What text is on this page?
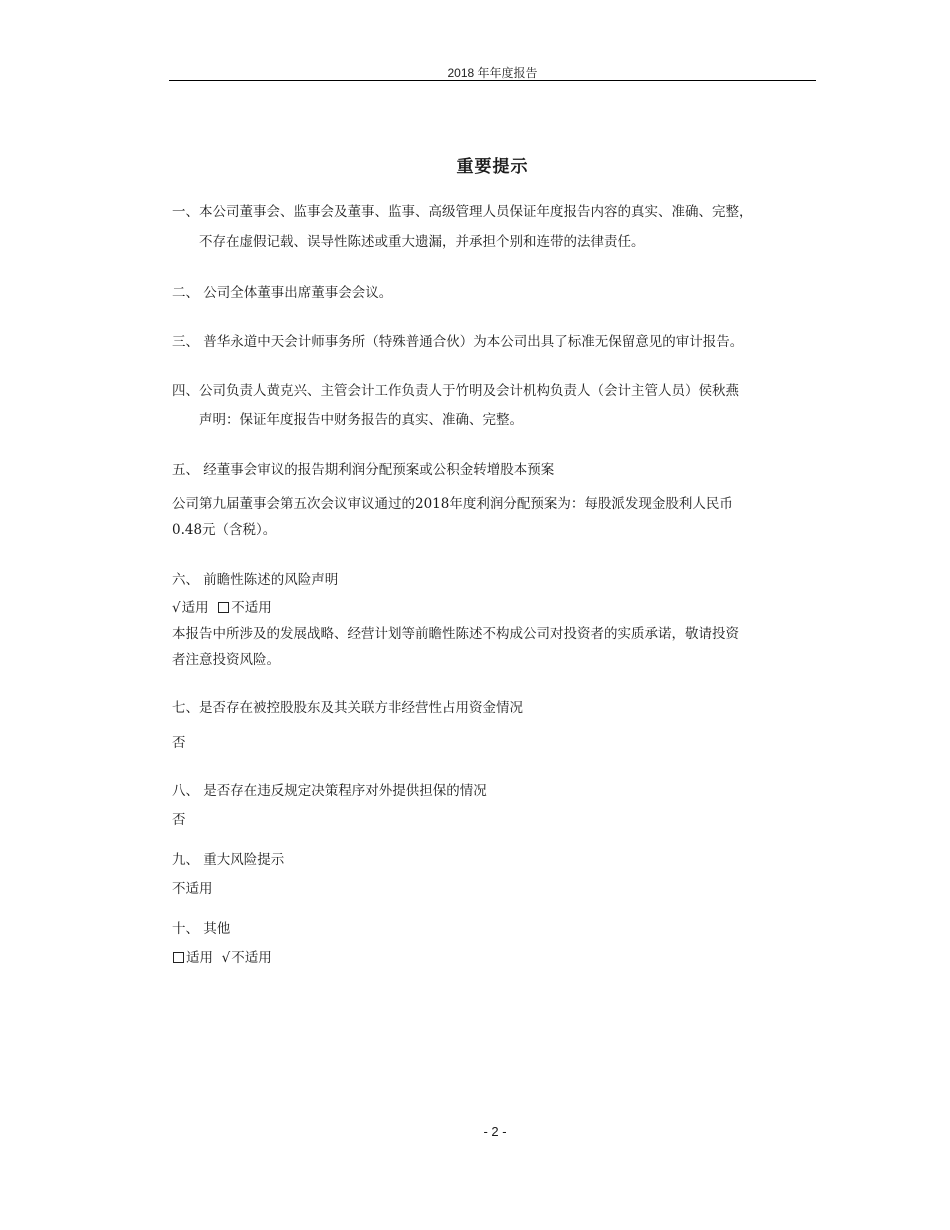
2018 年年度报告
重要提示
一、本公司董事会、监事会及董事、监事、高级管理人员保证年度报告内容的真实、准确、完整，
不存在虚假记载、误导性陈述或重大遗漏，并承担个别和连带的法律责任。
二、 公司全体董事出席董事会会议。
三、 普华永道中天会计师事务所（特殊普通合伙）为本公司出具了标准无保留意见的审计报告。
四、公司负责人黄克兴、主管会计工作负责人于竹明及会计机构负责人（会计主管人员）侯秋燕
声明：保证年度报告中财务报告的真实、准确、完整。
五、 经董事会审议的报告期利润分配预案或公积金转增股本预案
公司第九届董事会第五次会议审议通过的2018年度利润分配预案为：每股派发现金股利人民币
0.48元（含税）。
六、 前瞻性陈述的风险声明
√适用 不适用
本报告中所涉及的发展战略、经营计划等前瞻性陈述不构成公司对投资者的实质承诺，敬请投资
者注意投资风险。
七、是否存在被控股股东及其关联方非经营性占用资金情况
否
八、 是否存在违反规定决策程序对外提供担保的情况
否
九、 重大风险提示
不适用
十、 其他
适用 √不适用
- 2 -
